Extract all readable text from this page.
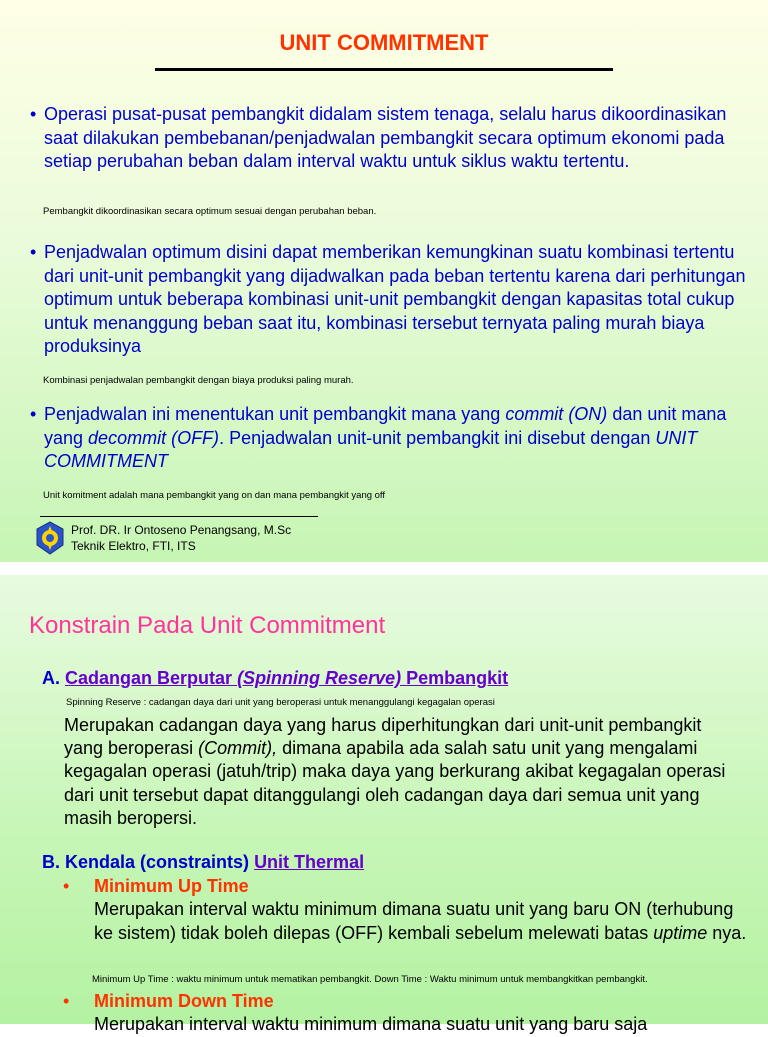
UNIT COMMITMENT
• Operasi pusat-pusat pembangkit didalam sistem tenaga, selalu harus dikoordinasikan saat dilakukan pembebanan/penjadwalan pembangkit secara optimum ekonomi pada setiap perubahan beban dalam interval waktu untuk siklus waktu tertentu.
Pembangkit dikoordinasikan secara optimum sesuai dengan perubahan beban.
• Penjadwalan optimum disini dapat memberikan kemungkinan suatu kombinasi tertentu dari unit-unit pembangkit yang dijadwalkan pada beban tertentu karena dari perhitungan optimum untuk beberapa kombinasi unit-unit pembangkit dengan kapasitas total cukup untuk menanggung beban saat itu, kombinasi tersebut ternyata paling murah biaya produksinya
Kombinasi penjadwalan pembangkit dengan biaya produksi paling murah.
• Penjadwalan ini menentukan unit pembangkit mana yang commit (ON) dan unit mana yang decommit (OFF). Penjadwalan unit-unit pembangkit ini disebut dengan UNIT COMMITMENT
Unit komitment adalah mana pembangkit yang on dan mana pembangkit yang off
Prof. DR. Ir Ontoseno Penangsang, M.Sc
Teknik Elektro, FTI, ITS
Konstrain Pada Unit Commitment
A. Cadangan Berputar (Spinning Reserve) Pembangkit
Spinning Reserve : cadangan daya dari unit yang beroperasi untuk menanggulangi kegagalan operasi
Merupakan cadangan daya yang harus diperhitungkan dari unit-unit pembangkit yang beroperasi (Commit), dimana apabila ada salah satu unit yang mengalami kegagalan operasi (jatuh/trip) maka daya yang berkurang akibat kegagalan operasi dari unit tersebut dapat ditanggulangi oleh cadangan daya dari semua unit yang masih beropersi.
B. Kendala (constraints) Unit Thermal
• Minimum Up Time
Merupakan interval waktu minimum dimana suatu unit yang baru ON (terhubung ke sistem) tidak boleh dilepas (OFF) kembali sebelum melewati batas uptime nya.
Minimum Up Time : waktu minimum untuk mematikan pembangkit. Down Time : Waktu minimum untuk membangkitkan pembangkit.
• Minimum Down Time
Merupakan interval waktu minimum dimana suatu unit yang baru saja
